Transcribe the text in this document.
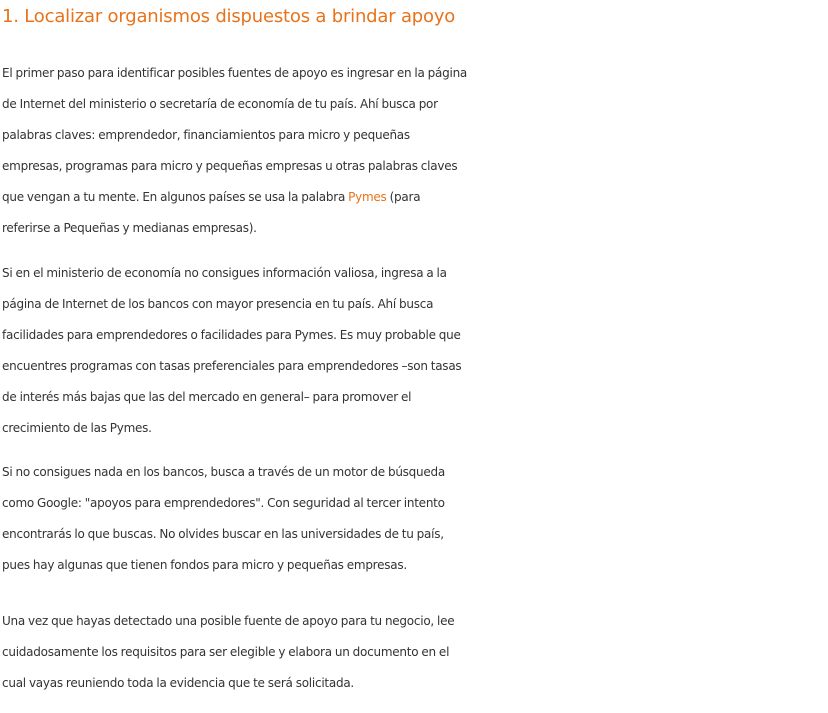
1. Localizar organismos dispuestos a brindar apoyo

El primer paso para identificar posibles fuentes de apoyo es ingresar en la página
de Internet del ministerio o secretaría de economía de tu país. Ahí busca por
palabras claves: emprendedor, financiamientos para micro y pequeñas
empresas, programas para micro y pequeñas empresas u otras palabras claves
que vengan a tu mente. En algunos países se usa la palabra Pymes (para
referirse a Pequeñas y medianas empresas).

Si en el ministerio de economía no consigues información valiosa, ingresa a la
página de Internet de los bancos con mayor presencia en tu país. Ahí busca
facilidades para emprendedores o facilidades para Pymes. Es muy probable que
encuentres programas con tasas preferenciales para emprendedores –son tasas
de interés más bajas que las del mercado en general– para promover el
crecimiento de las Pymes.

Si no consigues nada en los bancos, busca a través de un motor de búsqueda
como Google: "apoyos para emprendedores". Con seguridad al tercer intento
encontrarás lo que buscas. No olvides buscar en las universidades de tu país,
pues hay algunas que tienen fondos para micro y pequeñas empresas.

Una vez que hayas detectado una posible fuente de apoyo para tu negocio, lee
cuidadosamente los requisitos para ser elegible y elabora un documento en el
cual vayas reuniendo toda la evidencia que te será solicitada.
